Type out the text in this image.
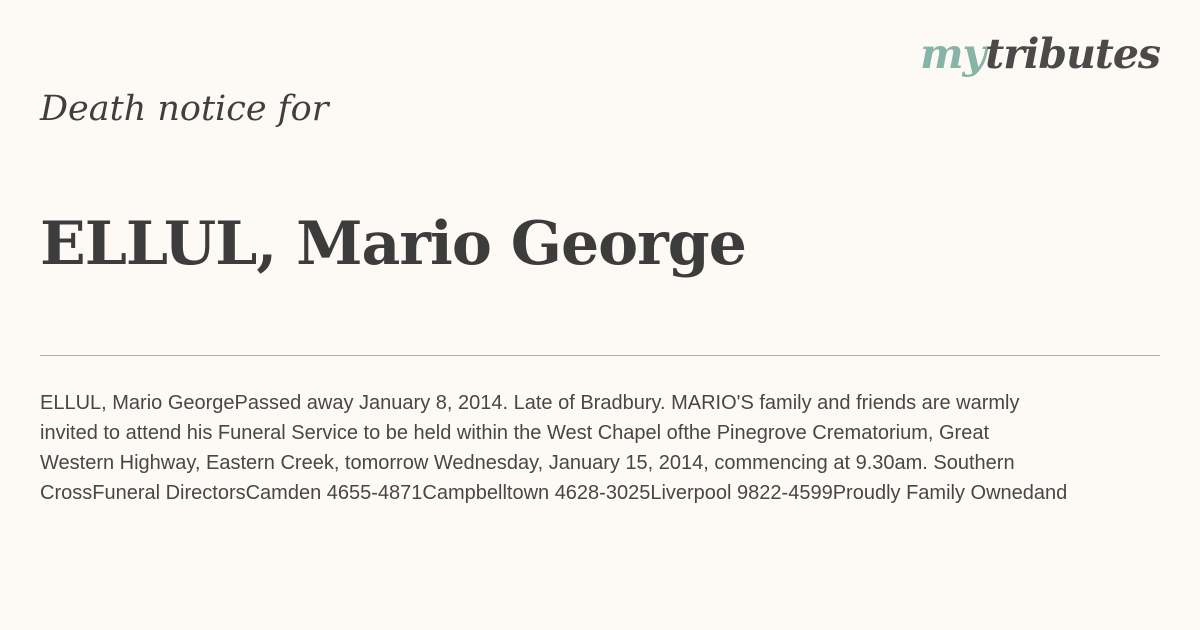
mytributes
Death notice for
ELLUL, Mario George
ELLUL, Mario GeorgePassed away January 8, 2014. Late of Bradbury. MARIO'S family and friends are warmly
invited to attend his Funeral Service to be held within the West Chapel ofthe Pinegrove Crematorium, Great
Western Highway, Eastern Creek, tomorrow Wednesday, January 15, 2014, commencing at 9.30am. Southern
CrossFuneral DirectorsCamden 4655-4871Campbelltown 4628-3025Liverpool 9822-4599Proudly Family Ownedand
